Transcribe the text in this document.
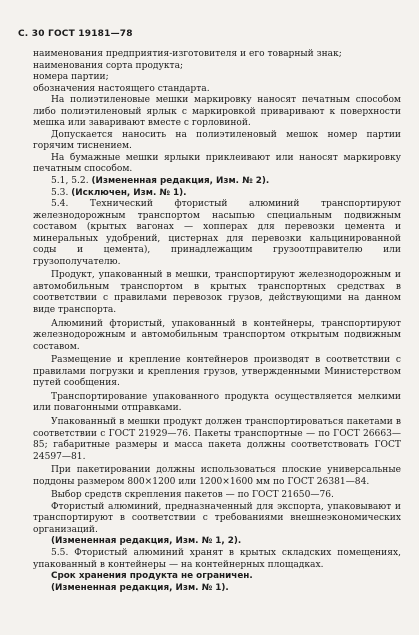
С. 30 ГОСТ 19181—78

наименования предприятия-изготовителя и его товарный знак;

наименования сорта продукта;

номера партии;

обозначения настоящего стандарта.

На полиэтиленовые мешки маркировку наносят печатным способом либо полиэтиленовый ярлык с маркировкой приваривают к поверхности мешка или заваривают вместе с горловиной.

Допускается наносить на полиэтиленовый мешок номер партии горячим тиснением.

На бумажные мешки ярлыки приклеивают или наносят маркировку печатным способом.

5.1, 5.2. (Измененная редакция, Изм. № 2).

5.3. (Исключен, Изм. № 1).

5.4. Технический фтористый алюминий транспортируют железнодорожным транспортом насыпью специальным подвижным составом (крытых вагонах — хопперах для перевозки цемента и минеральных удобрений, цистернах для перевозки кальцинированной соды и цемента), принадлежащим грузоотправителю или грузополучателю.

Продукт, упакованный в мешки, транспортируют железнодорожным и автомобильным транспортом в крытых транспортных средствах в соответствии с правилами перевозок грузов, действующими на данном виде транспорта.

Алюминий фтористый, упакованный в контейнеры, транспортируют железнодорожным и автомобильным транспортом открытым подвижным составом.

Размещение и крепление контейнеров производят в соответствии с правилами погрузки и крепления грузов, утвержденными Министерством путей сообщения.

Транспортирование упакованного продукта осуществляется мелкими или повагонными отправками.

Упакованный в мешки продукт должен транспортироваться пакетами в соответствии с ГОСТ 21929—76. Пакеты транспортные — по ГОСТ 26663—85; габаритные размеры и масса пакета должны соответствовать ГОСТ 24597—81.

При пакетировании должны использоваться плоские универсальные поддоны размером 800×1200 или 1200×1600 мм по ГОСТ 26381—84.

Выбор средств скрепления пакетов — по ГОСТ 21650—76.

Фтористый алюминий, предназначенный для экспорта, упаковывают и транспортируют в соответствии с требованиями внешнеэкономических организаций.

(Измененная редакция, Изм. № 1, 2).

5.5. Фтористый алюминий хранят в крытых складских помещениях, упакованный в контейнеры — на контейнерных площадках.

Срок хранения продукта не ограничен.

(Измененная редакция, Изм. № 1).
